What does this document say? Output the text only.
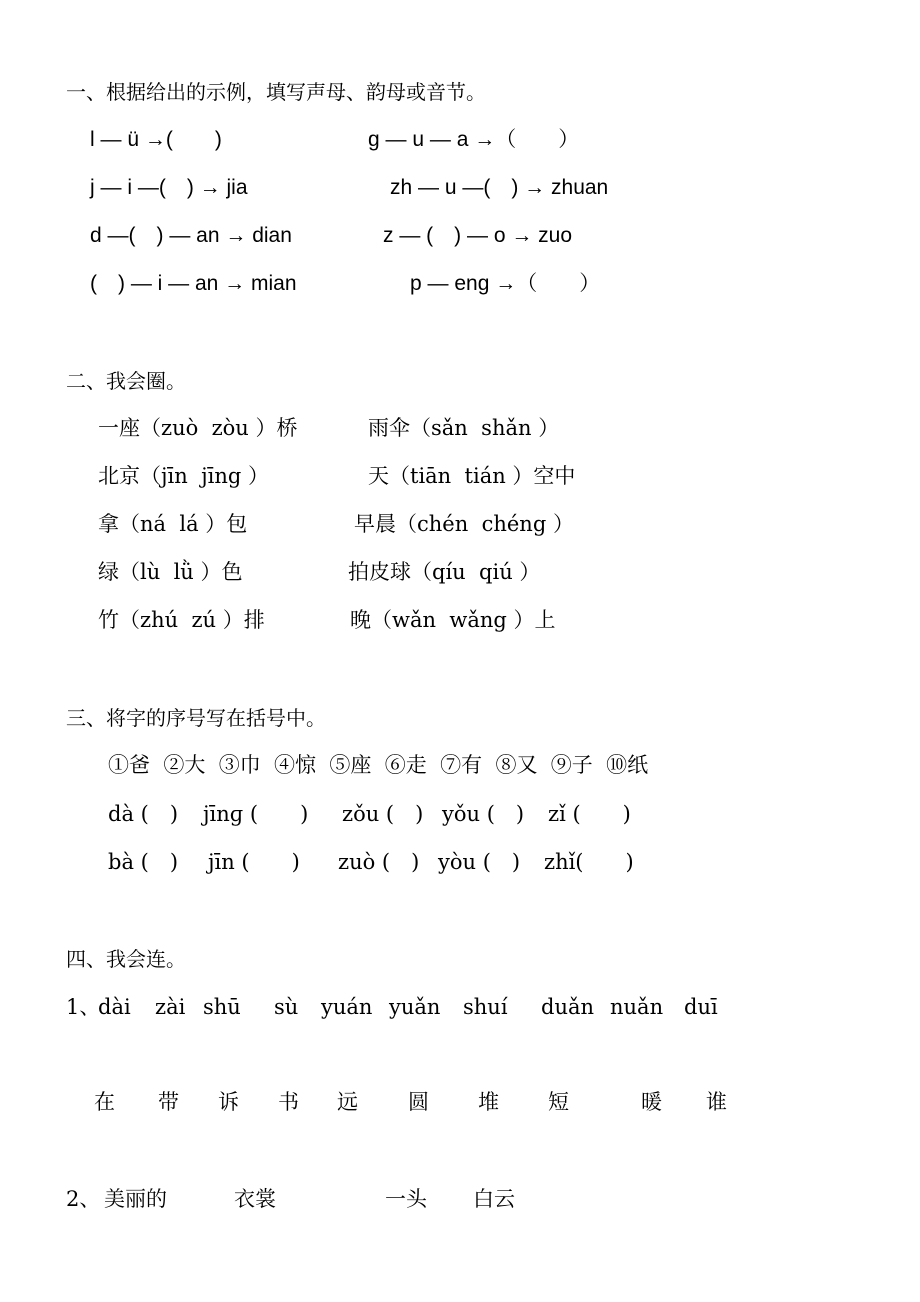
一、根据给出的示例，填写声母、韵母或音节。
l — ü →(　　)	g — u — a →（　　）
j — i —(　) → jia	zh — u —(　) → zhuan
d —(　) — an → dian	z — (　) — o → zuo
(　) — i — an → mian	p — eng →（　　）
二、我会圈。
一座（zuò  zòu ）桥	雨伞（sǎn  shǎn ）
北京（jīn  jīng ）	天（tiān  tián ）空中
拿（ná  lá ）包	早晨（chén  chéng ）
绿（lù  lǜ ）色	拍皮球（qíu  qiú ）
竹（zhú  zú ）排	晚（wǎn  wǎng ）上
三、将字的序号写在括号中。
①爸  ②大  ③巾  ④惊  ⑤座  ⑥走  ⑦有  ⑧又  ⑨子  ⑩纸
dà (　) jīnɡ (　　) zǒu (　) yǒu (　) zǐ (　　)
bà (　) jīn (　　) zuò (　) yòu (　) zhǐ(　　)
四、我会连。
1、
dài zài shū sù yuán yuǎn shuí duǎn nuǎn duī
在 带 诉 书 远 圆 堆 短	暖 谁
2、 美丽的	衣裳	一头 白云
